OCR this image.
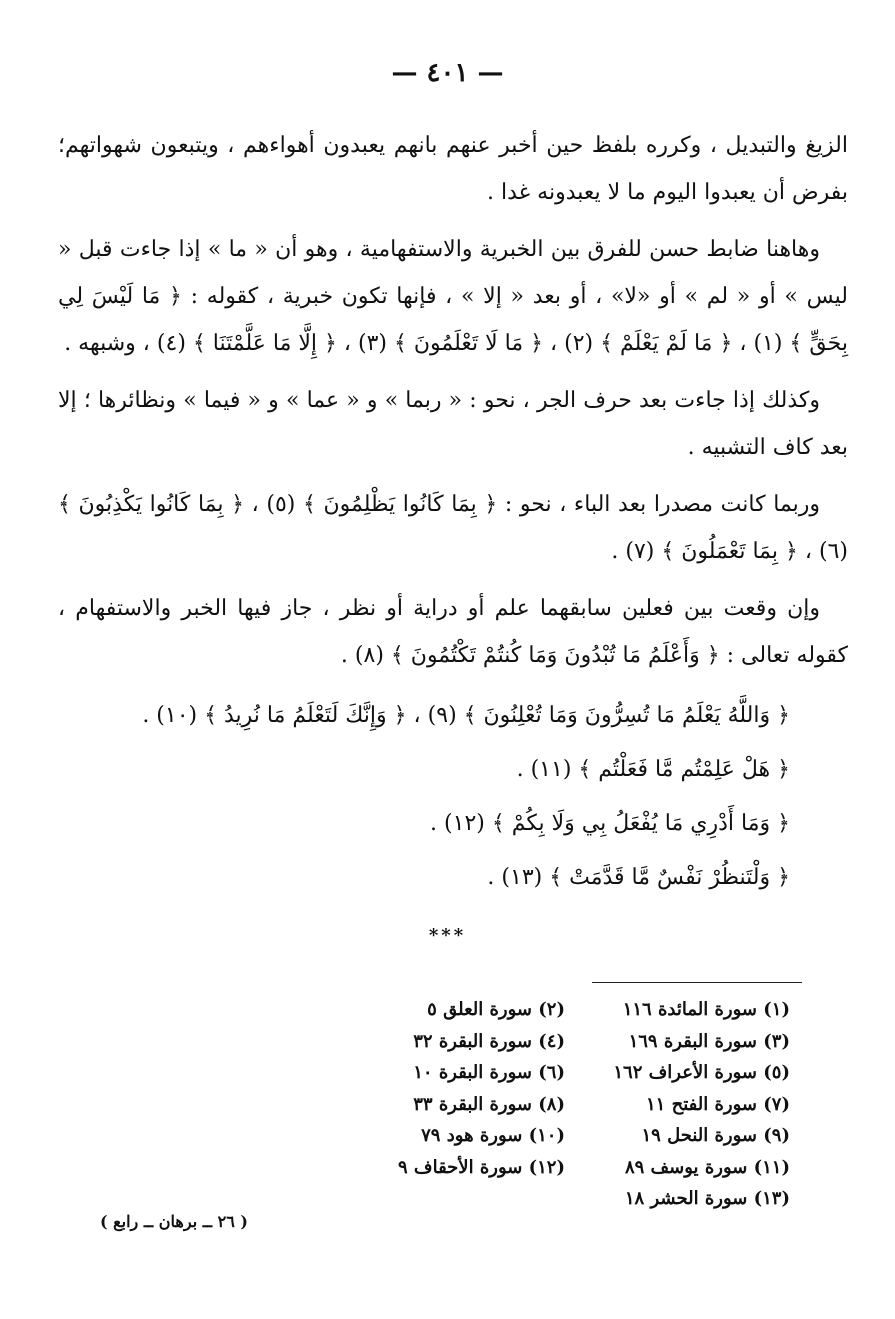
— ٤٠١ —

الزيغ والتبديل ، وكرره بلفظ حين أخبر عنهم بانهم يعبدون أهواءهم ، ويتبعون شهواتهم؛ بفرض أن يعبدوا اليوم ما لا يعبدونه غدا .

وهاهنا ضابط حسن للفرق بين الخبرية والاستفهامية ، وهو أن « ما » إذا جاءت قبل « ليس » أو « لم » أو «لا» ، أو بعد « إلا » ، فإنها تكون خبرية ، كقوله : ﴿ مَا لَيْسَ لِي بِحَقٍّ ﴾ (١) ، ﴿ مَا لَمْ يَعْلَمْ ﴾ (٢) ، ﴿ مَا لَا تَعْلَمُونَ ﴾ (٣) ، ﴿ إِلَّا مَا عَلَّمْتَنَا ﴾ (٤) ، وشبهه .

وكذلك إذا جاءت بعد حرف الجر ، نحو : « ربما » و « عما » و « فيما » ونظائرها ؛ إلا بعد كاف التشبيه .

وربما كانت مصدرا بعد الباء ، نحو : ﴿ بِمَا كَانُوا يَظْلِمُونَ ﴾ (٥) ، ﴿ بِمَا كَانُوا يَكْذِبُونَ ﴾ (٦) ، ﴿ بِمَا تَعْمَلُونَ ﴾ (٧) .

وإن وقعت بين فعلين سابقهما علم أو دراية أو نظر ، جاز فيها الخبر والاستفهام ، كقوله تعالى : ﴿ وَأَعْلَمُ مَا تُبْدُونَ وَمَا كُنتُمْ تَكْتُمُونَ ﴾ (٨) .

﴿ وَاللَّهُ يَعْلَمُ مَا تُسِرُّونَ وَمَا تُعْلِنُونَ ﴾ (٩) ، ﴿ وَإِنَّكَ لَتَعْلَمُ مَا نُرِيدُ ﴾ (١٠) .

﴿ هَلْ عَلِمْتُم مَّا فَعَلْتُم ﴾ (١١) .

﴿ وَمَا أَدْرِي مَا يُفْعَلُ بِي وَلَا بِكُمْ ﴾ (١٢) .

﴿ وَلْتَنظُرْ نَفْسٌ مَّا قَدَّمَتْ ﴾ (١٣) .

***
(١) سورة المائدة ١١٦
(٣) سورة البقرة ١٦٩
(٥) سورة الأعراف ١٦٢
(٧) سورة الفتح ١١
(٩) سورة النحل ١٩
(١١) سورة يوسف ٨٩
(١٣) سورة الحشر ١٨
(٢) سورة العلق ٥
(٤) سورة البقرة ٣٢
(٦) سورة البقرة ١٠
(٨) سورة البقرة ٣٣
(١٠) سورة هود ٧٩
(١٢) سورة الأحقاف ٩
( ٢٦ ــ برهان ــ رابع )
